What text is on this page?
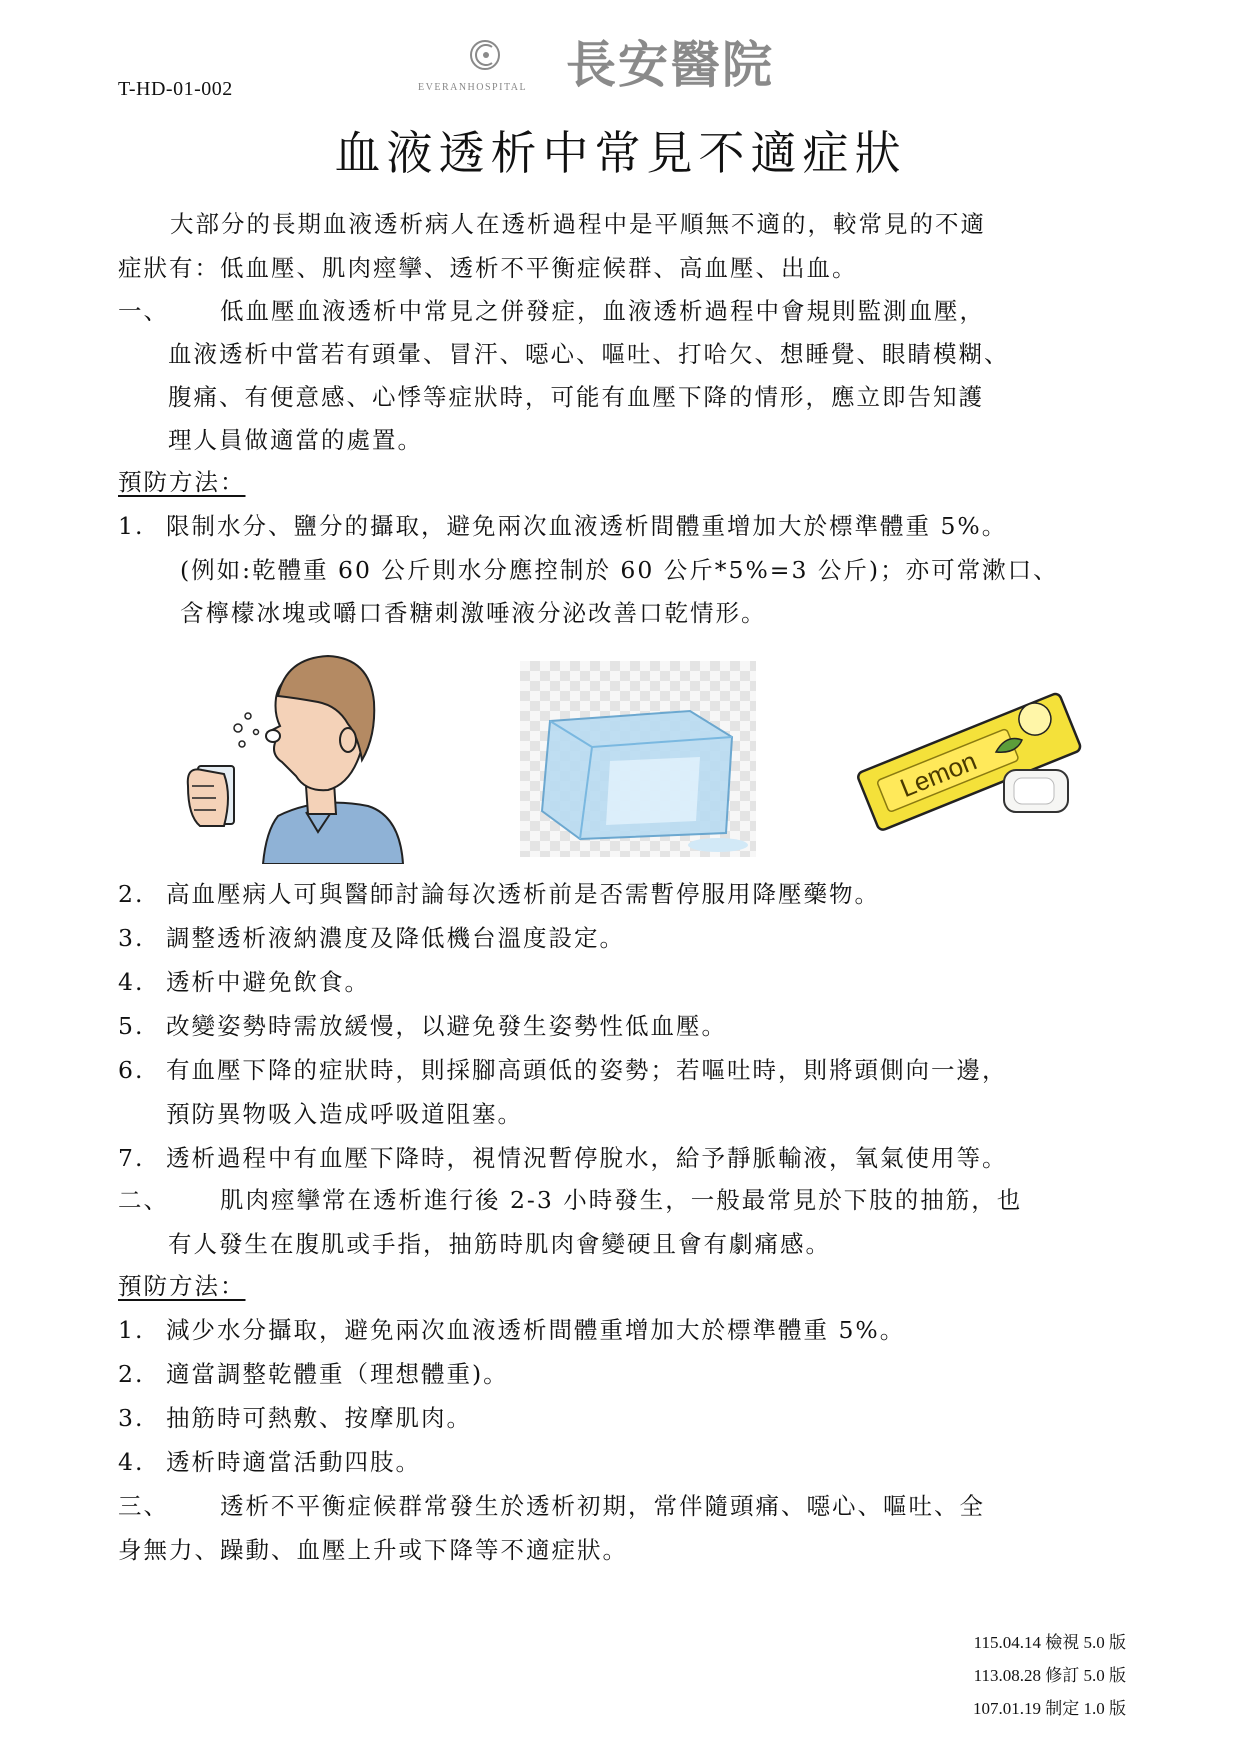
T-HD-01-002	EVERANHOSPITAL 長安醫院
血液透析中常見不適症狀
大部分的長期血液透析病人在透析過程中是平順無不適的，較常見的不適
症狀有：低血壓、肌肉痙攣、透析不平衡症候群、高血壓、出血。
一、 低血壓血液透析中常見之併發症，血液透析過程中會規則監測血壓，
血液透析中當若有頭暈、冒汗、噁心、嘔吐、打哈欠、想睡覺、眼睛模糊、
腹痛、有便意感、心悸等症狀時，可能有血壓下降的情形，應立即告知護
理人員做適當的處置。
預防方法：
1. 限制水分、鹽分的攝取，避免兩次血液透析間體重增加大於標準體重 5%。
(例如:乾體重 60 公斤則水分應控制於 60 公斤*5%=3 公斤)；亦可常漱口、
含檸檬冰塊或嚼口香糖刺激唾液分泌改善口乾情形。
Lemon
2. 高血壓病人可與醫師討論每次透析前是否需暫停服用降壓藥物。
3. 調整透析液納濃度及降低機台溫度設定。
4. 透析中避免飲食。
5. 改變姿勢時需放緩慢，以避免發生姿勢性低血壓。
6. 有血壓下降的症狀時，則採腳高頭低的姿勢；若嘔吐時，則將頭側向一邊，
預防異物吸入造成呼吸道阻塞。
7. 透析過程中有血壓下降時，視情況暫停脫水，給予靜脈輸液，氧氣使用等。
二、 肌肉痙攣常在透析進行後 2-3 小時發生，一般最常見於下肢的抽筋，也
有人發生在腹肌或手指，抽筋時肌肉會變硬且會有劇痛感。
預防方法：
1. 減少水分攝取，避免兩次血液透析間體重增加大於標準體重 5%。
2. 適當調整乾體重（理想體重)。
3. 抽筋時可熱敷、按摩肌肉。
4. 透析時適當活動四肢。
三、 透析不平衡症候群常發生於透析初期，常伴隨頭痛、噁心、嘔吐、全
身無力、躁動、血壓上升或下降等不適症狀。
115.04.14 檢視 5.0 版
113.08.28 修訂 5.0 版
107.01.19 制定 1.0 版
